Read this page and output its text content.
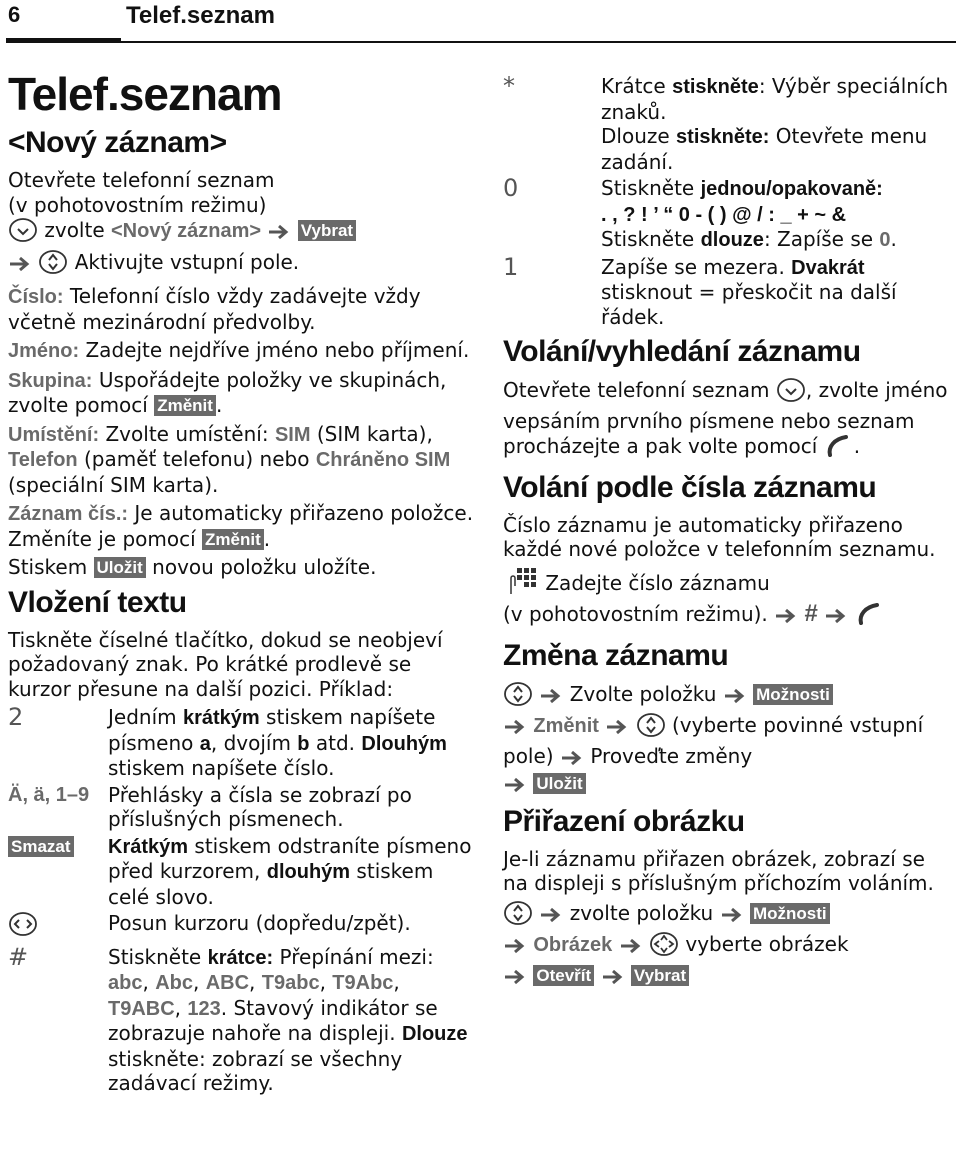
6	Telef.seznam
Telef.seznam
<Nový záznam>

Otevřete telefonní seznam
(v pohotovostním režimu)
zvolte <Nový záznam> Vybrat
Aktivujte vstupní pole.

Číslo: Telefonní číslo vždy zadávejte vždy včetně mezinárodní předvolby.

Jméno: Zadejte nejdříve jméno nebo příjmení.

Skupina: Uspořádejte položky ve skupinách, zvolte pomocí Změnit .

Umístění: Zvolte umístění: SIM (SIM karta), Telefon (paměť telefonu) nebo Chráněno SIM (speciální SIM karta).

Záznam čís.: Je automaticky přiřazeno položce. Změníte je pomocí Změnit .

Stiskem Uložit novou položku uložíte.

Vložení textu

Tiskněte číselné tlačítko, dokud se neobjeví požadovaný znak. Po krátké prodlevě se kurzor přesune na další pozici. Příklad:

2	Jedním krátkým stiskem napíšete písmeno a, dvojím b atd. Dlouhým stiskem napíšete číslo.
Ä, ä, 1–9 Přehlásky a čísla se zobrazí po příslušných písmenech.
Smazat	Krátkým stiskem odstraníte písmeno před kurzorem, dlouhým stiskem celé slovo.
Posun kurzoru (dopředu/zpět).
#	Stiskněte krátce: Přepínání mezi: abc, Abc, ABC, T9abc, T9Abc, T9ABC, 123. Stavový indikátor se zobrazuje nahoře na displeji. Dlouze stiskněte: zobrazí se všechny zadávací režimy.
*	Krátce stiskněte: Výběr speciálních znaků.
Dlouze stiskněte: Otevřete menu zadání.
0	Stiskněte jednou/opakovaně:
. , ? ! ’ “ 0 - ( ) @ / : _ + ~ &
Stiskněte dlouze: Zapíše se 0.
1	Zapíše se mezera. Dvakrát stisknout = přeskočit na další řádek.
Volání/vyhledání záznamu

Otevřete telefonní seznam , zvolte jméno vepsáním prvního písmene nebo seznam procházejte a pak volte pomocí .

Volání podle čísla záznamu

Číslo záznamu je automaticky přiřazeno každé nové položce v telefonním seznamu.

Zadejte číslo záznamu
(v pohotovostním režimu). #

Změna záznamu

Zvolte položku Možnosti
Změnit	(vyberte povinné vstupní pole) Proveďte změny
Uložit

Přiřazení obrázku

Je-li záznamu přiřazen obrázek, zobrazí se na displeji s příslušným příchozím voláním.

zvolte položku Možnosti
Obrázek	vyberte obrázek
Otevřít	Vybrat
